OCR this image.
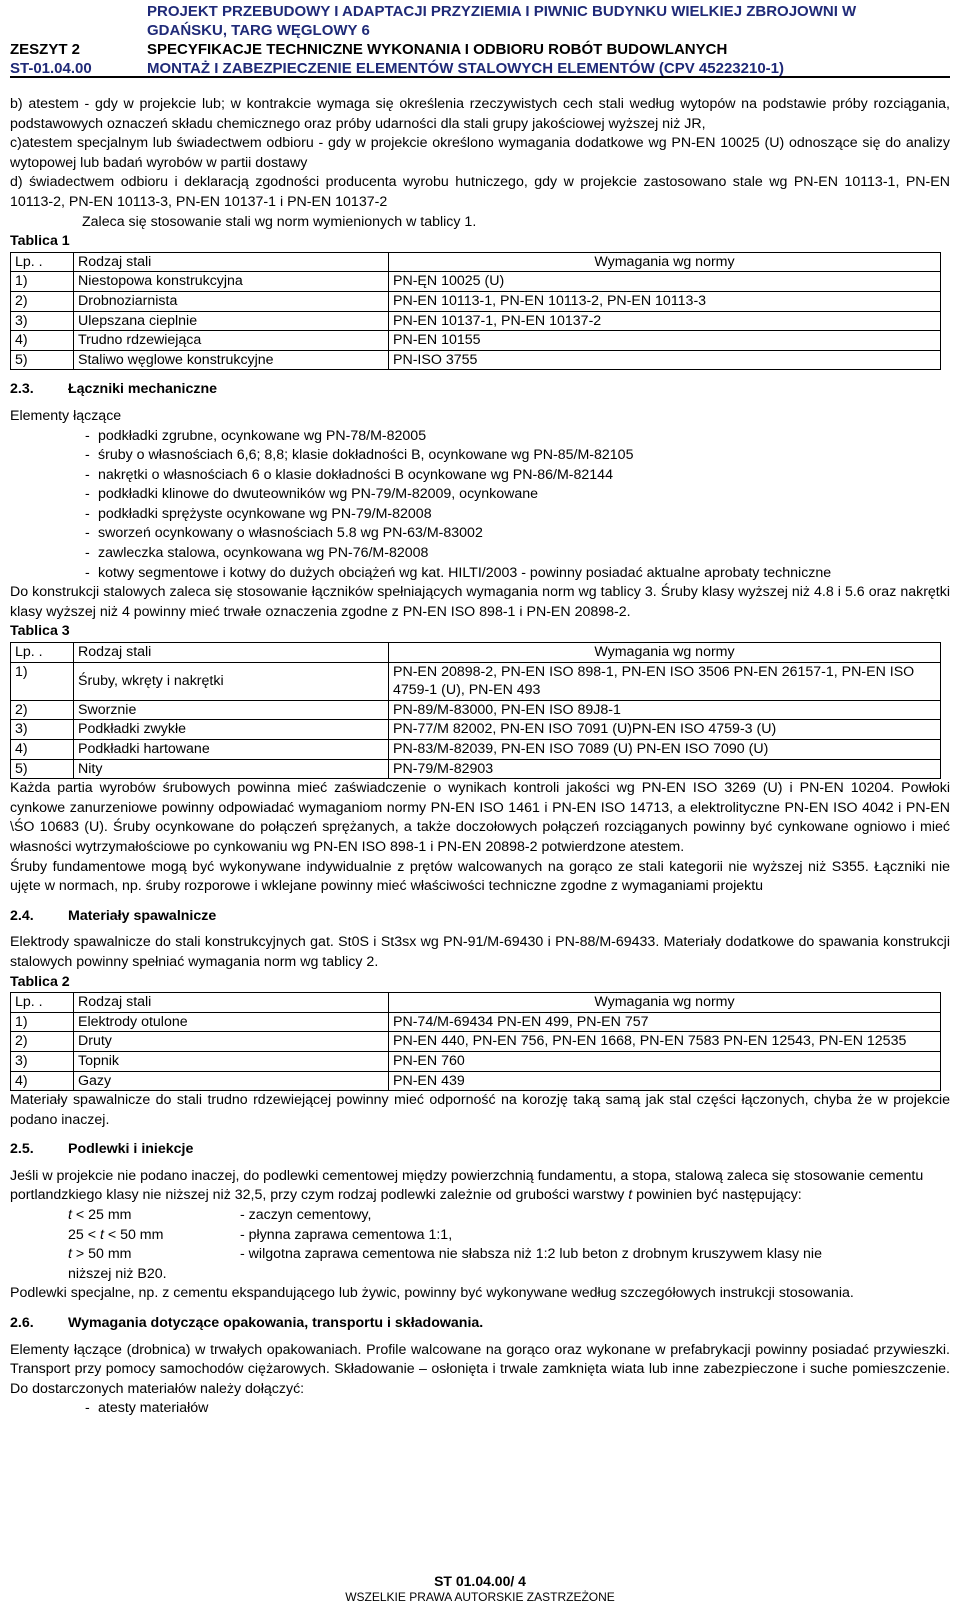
PROJEKT PRZEBUDOWY I ADAPTACJI PRZYZIEMIA I PIWNIC BUDYNKU WIELKIEJ ZBROJOWNI W
GDAŃSKU, TARG WĘGLOWY 6
ZESZYT 2	SPECYFIKACJE TECHNICZNE WYKONANIA I ODBIORU ROBÓT BUDOWLANYCH
ST-01.04.00	MONTAŻ I ZABEZPIECZENIE ELEMENTÓW STALOWYCH ELEMENTÓW (CPV 45223210-1)

b) atestem - gdy w projekcie lub; w kontrakcie wymaga się określenia rzeczywistych cech stali według wytopów na podstawie próby rozciągania, podstawowych oznaczeń składu chemicznego oraz próby udarności dla stali grupy jakościowej wyższej niż JR,

c)atestem specjalnym lub świadectwem odbioru - gdy w projekcie określono wymagania dodatkowe wg PN-EN 10025 (U) odnoszące się do analizy wytopowej lub badań wyrobów w partii dostawy

d) świadectwem odbioru i deklaracją zgodności producenta wyrobu hutniczego, gdy w projekcie zastosowano stale wg PN-EN 10113-1, PN-EN 10113-2, PN-EN 10113-3, PN-EN 10137-1 i PN-EN 10137-2

Zaleca się stosowanie stali wg norm wymienionych w tablicy 1.

Tablica 1

Lp. .	Rodzaj stali	Wymagania wg normy
1)	Niestopowa konstrukcyjna	PN-ĘN 10025 (U)
2)	Drobnoziarnista	PN-EN 10113-1, PN-EN 10113-2, PN-EN 10113-3
3)	Ulepszana cieplnie	PN-EN 10137-1, PN-EN 10137-2
4)	Trudno rdzewiejąca	PN-EN 10155
5)	Staliwo węglowe konstrukcyjne	PN-ISO 3755
2.3.	Łączniki mechaniczne

Elementy łączące

- podkładki zgrubne, ocynkowane wg PN-78/M-82005
- śruby o własnościach 6,6; 8,8; klasie dokładności B, ocynkowane wg PN-85/M-82105
- nakrętki o własnościach 6 o klasie dokładności B ocynkowane wg PN-86/M-82144
- podkładki klinowe do dwuteowników wg PN-79/M-82009, ocynkowane
- podkładki sprężyste ocynkowane wg PN-79/M-82008
- sworzeń ocynkowany o własnościach 5.8 wg PN-63/M-83002
- zawleczka stalowa, ocynkowana wg PN-76/M-82008
- kotwy segmentowe i kotwy do dużych obciążeń wg kat. HILTI/2003 - powinny posiadać aktualne aprobaty techniczne

Do konstrukcji stalowych zaleca się stosowanie łączników spełniających wymagania norm wg tablicy 3. Śruby klasy wyższej niż 4.8 i 5.6 oraz nakrętki klasy wyższej niż 4 powinny mieć trwałe oznaczenia zgodne z PN-EN ISO 898-1 i PN-EN 20898-2.

Tablica 3

Lp. .	Rodzaj stali	Wymagania wg normy
1)	Śruby, wkręty i nakrętki	PN-EN 20898-2, PN-EN ISO 898-1, PN-EN ISO 3506 PN-EN 26157-1, PN-EN ISO 4759-1 (U), PN-EN 493
2)	Sworznie	PN-89/M-83000, PN-EN ISO 89J8-1
3)	Podkładki zwykłe	PN-77/M 82002, PN-EN ISO 7091 (U)PN-EN ISO 4759-3 (U)
4)	Podkładki hartowane	PN-83/M-82039, PN-EN ISO 7089 (U) PN-EN ISO 7090 (U)
5)	Nity	PN-79/M-82903

Każda partia wyrobów śrubowych powinna mieć zaświadczenie o wynikach kontroli jakości wg PN-EN ISO 3269 (U) i PN-EN 10204. Powłoki cynkowe zanurzeniowe powinny odpowiadać wymaganiom normy PN-EN ISO 1461 i PN-EN ISO 14713, a elektrolityczne PN-EN ISO 4042 i PN-EN \ŚO 10683 (U). Śruby ocynkowane do połączeń sprężanych, a także doczołowych połączeń rozciąganych powinny być cynkowane ogniowo i mieć własności wytrzymałościowe po cynkowaniu wg PN-EN ISO 898-1 i PN-EN 20898-2 potwierdzone atestem.

Śruby fundamentowe mogą być wykonywane indywidualnie z prętów walcowanych na gorąco ze stali kategorii nie wyższej niż S355. Łączniki nie ujęte w normach, np. śruby rozporowe i wklejane powinny mieć właściwości techniczne zgodne z wymaganiami projektu

2.4.	Materiały spawalnicze

Elektrody spawalnicze do stali konstrukcyjnych gat. St0S i St3sx wg PN-91/M-69430 i PN-88/M-69433. Materiały dodatkowe do spawania konstrukcji stalowych powinny spełniać wymagania norm wg tablicy 2.

Tablica 2

Lp. .	Rodzaj stali	Wymagania wg normy
1)	Elektrody otulone	PN-74/M-69434 PN-EN 499, PN-EN 757
2)	Druty	PN-EN 440, PN-EN 756, PN-EN 1668, PN-EN 7583 PN-EN 12543, PN-EN 12535
3)	Topnik	PN-EN 760
4)	Gazy	PN-EN 439

Materiały spawalnicze do stali trudno rdzewiejącej powinny mieć odporność na korozję taką samą jak stal części łączonych, chyba że w projekcie podano inaczej.

2.5.	Podlewki i iniekcje

Jeśli w projekcie nie podano inaczej, do podlewki cementowej między powierzchnią fundamentu, a stopa, stalową zaleca się stosowanie cementu portlandzkiego klasy nie niższej niż 32,5, przy czym rodzaj podlewki zależnie od grubości warstwy t powinien być następujący:

t < 25 mm	- zaczyn cementowy,
25 < t < 50 mm	- płynna zaprawa cementowa 1:1,
t > 50 mm	- wilgotna zaprawa cementowa nie słabsza niż 1:2 lub beton z drobnym kruszywem klasy nie

niższej niż B20.

Podlewki specjalne, np. z cementu ekspandującego lub żywic, powinny być wykonywane według szczegółowych instrukcji stosowania.

2.6.	Wymagania dotyczące opakowania, transportu i składowania.

Elementy łączące (drobnica) w trwałych opakowaniach. Profile walcowane na gorąco oraz wykonane w prefabrykacji powinny posiadać przywieszki. Transport przy pomocy samochodów ciężarowych. Składowanie – osłonięta i trwale zamknięta wiata lub inne zabezpieczone i suche pomieszczenie. Do dostarczonych materiałów należy dołączyć:

- atesty materiałów
ST 01.04.00/ 4
WSZELKIE PRAWA AUTORSKIE ZASTRZEŻONE
